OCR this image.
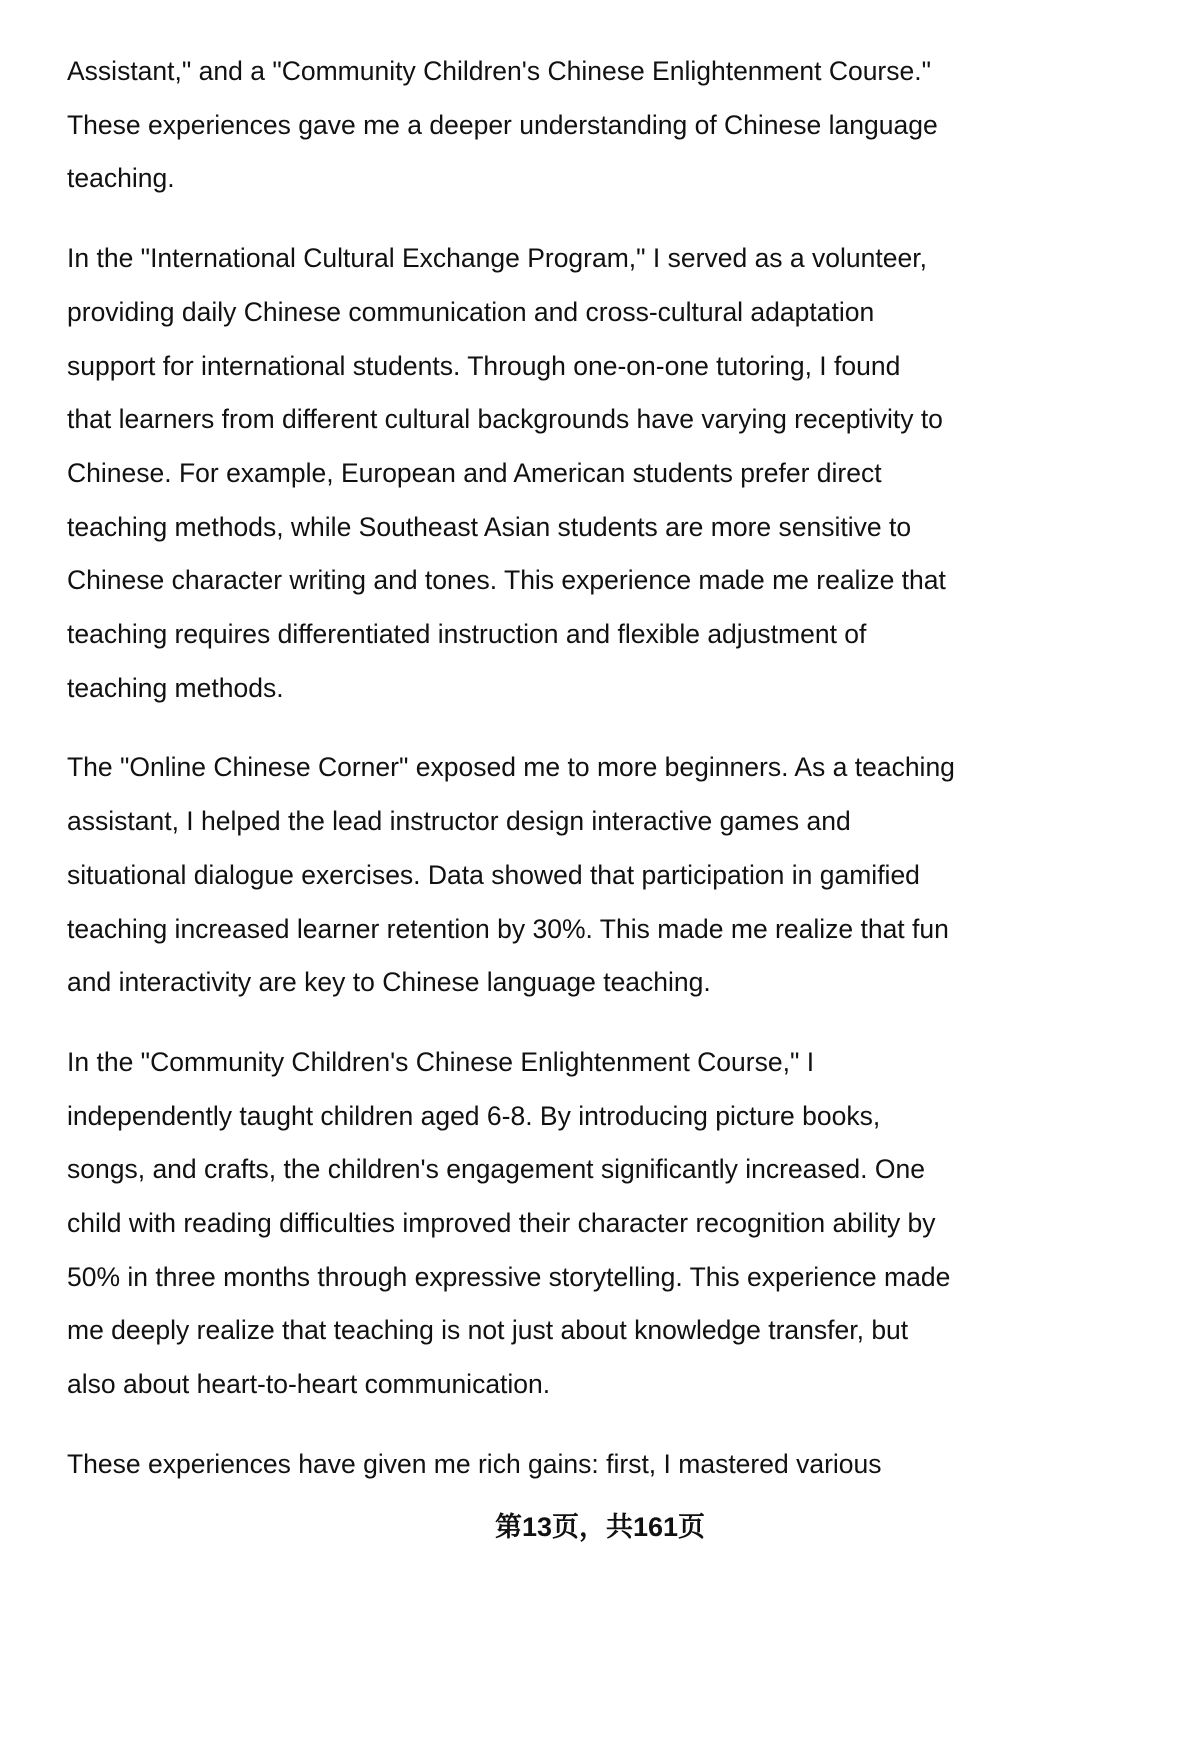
Assistant," and a "Community Children's Chinese Enlightenment Course."
These experiences gave me a deeper understanding of Chinese language
teaching.

In the "International Cultural Exchange Program," I served as a volunteer,
providing daily Chinese communication and cross-cultural adaptation
support for international students. Through one-on-one tutoring, I found
that learners from different cultural backgrounds have varying receptivity to
Chinese. For example, European and American students prefer direct
teaching methods, while Southeast Asian students are more sensitive to
Chinese character writing and tones. This experience made me realize that
teaching requires differentiated instruction and flexible adjustment of
teaching methods.

The "Online Chinese Corner" exposed me to more beginners. As a teaching
assistant, I helped the lead instructor design interactive games and
situational dialogue exercises. Data showed that participation in gamified
teaching increased learner retention by 30%. This made me realize that fun
and interactivity are key to Chinese language teaching.

In the "Community Children's Chinese Enlightenment Course," I
independently taught children aged 6-8. By introducing picture books,
songs, and crafts, the children's engagement significantly increased. One
child with reading difficulties improved their character recognition ability by
50% in three months through expressive storytelling. This experience made
me deeply realize that teaching is not just about knowledge transfer, but
also about heart-to-heart communication.

These experiences have given me rich gains: first, I mastered various

第13页，共161页
